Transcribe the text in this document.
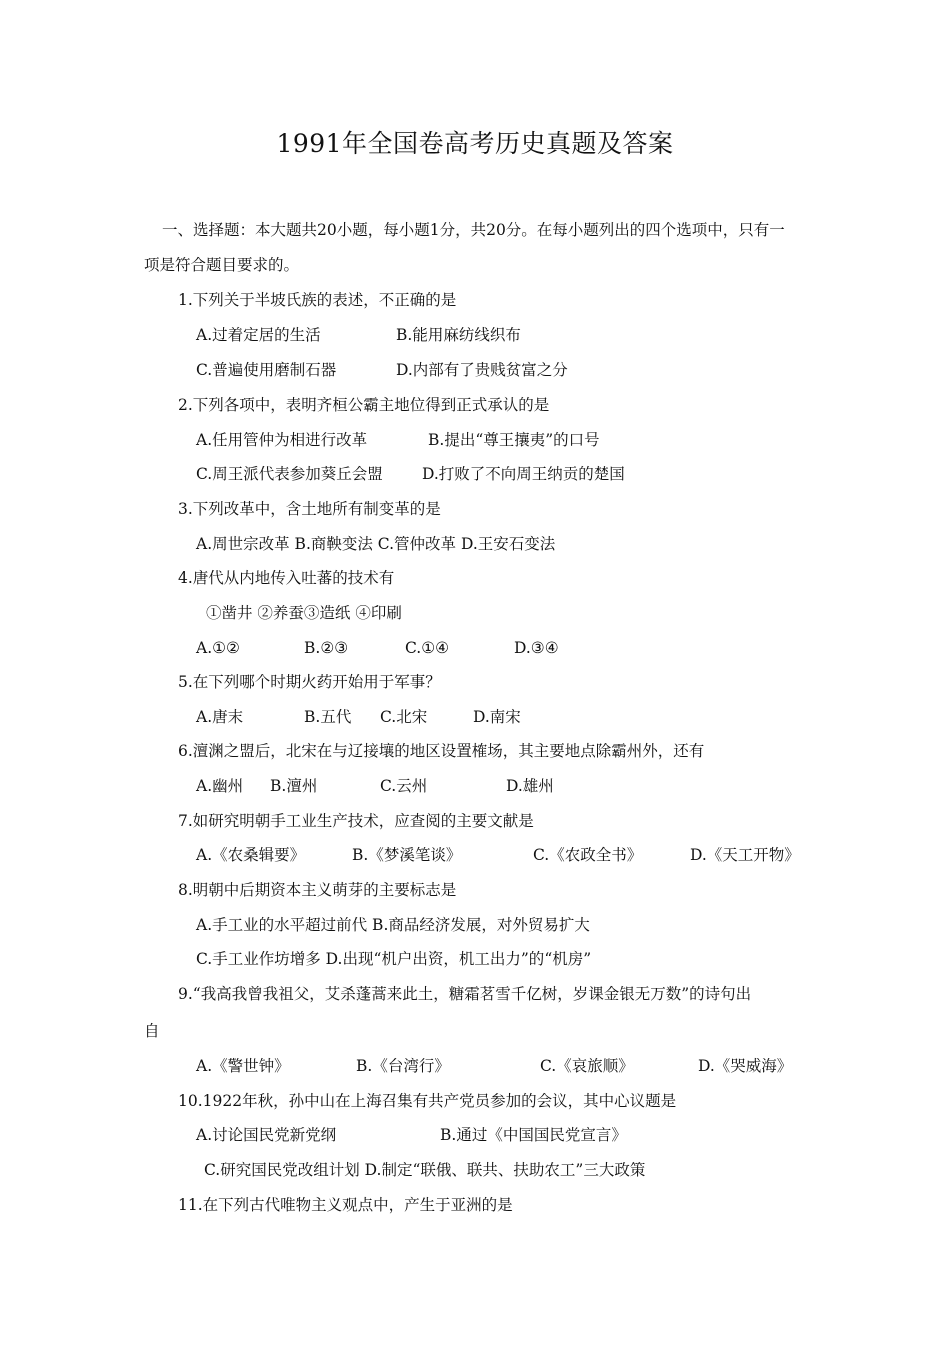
1991年全国卷高考历史真题及答案
一、选择题：本大题共20小题，每小题1分，共20分。在每小题列出的四个选项中，只有一
项是符合题目要求的。
1.下列关于半坡氏族的表述，不正确的是
A.过着定居的生活	B.能用麻纺线织布
C.普遍使用磨制石器	D.内部有了贵贱贫富之分
2.下列各项中，表明齐桓公霸主地位得到正式承认的是
A.任用管仲为相进行改革	B.提出“尊王攘夷”的口号
C.周王派代表参加葵丘会盟	D.打败了不向周王纳贡的楚国
3.下列改革中，含土地所有制变革的是
A.周世宗改革 B.商鞅变法 C.管仲改革 D.王安石变法
4.唐代从内地传入吐蕃的技术有
①凿井 ②养蚕③造纸 ④印刷
A.①②	B.②③	C.①④	D.③④
5.在下列哪个时期火药开始用于军事？
A.唐末	B.五代 C.北宋	D.南宋
6.澶渊之盟后，北宋在与辽接壤的地区设置榷场，其主要地点除霸州外，还有
A.幽州 B.澶州	C.云州	D.雄州
7.如研究明朝手工业生产技术，应查阅的主要文献是
A.《农桑辑要》	B.《梦溪笔谈》	C.《农政全书》	D.《天工开物》
8.明朝中后期资本主义萌芽的主要标志是
A.手工业的水平超过前代 B.商品经济发展，对外贸易扩大
C.手工业作坊增多 D.出现“机户出资，机工出力”的“机房”
9.“我高我曾我祖父，艾杀蓬蒿来此土，糖霜茗雪千亿树，岁课金银无万数”的诗句出
自
A.《警世钟》	B.《台湾行》	C.《哀旅顺》	D.《哭威海》
10.1922年秋，孙中山在上海召集有共产党员参加的会议，其中心议题是
A.讨论国民党新党纲	B.通过《中国国民党宣言》
C.研究国民党改组计划 D.制定“联俄、联共、扶助农工”三大政策
11.在下列古代唯物主义观点中，产生于亚洲的是
